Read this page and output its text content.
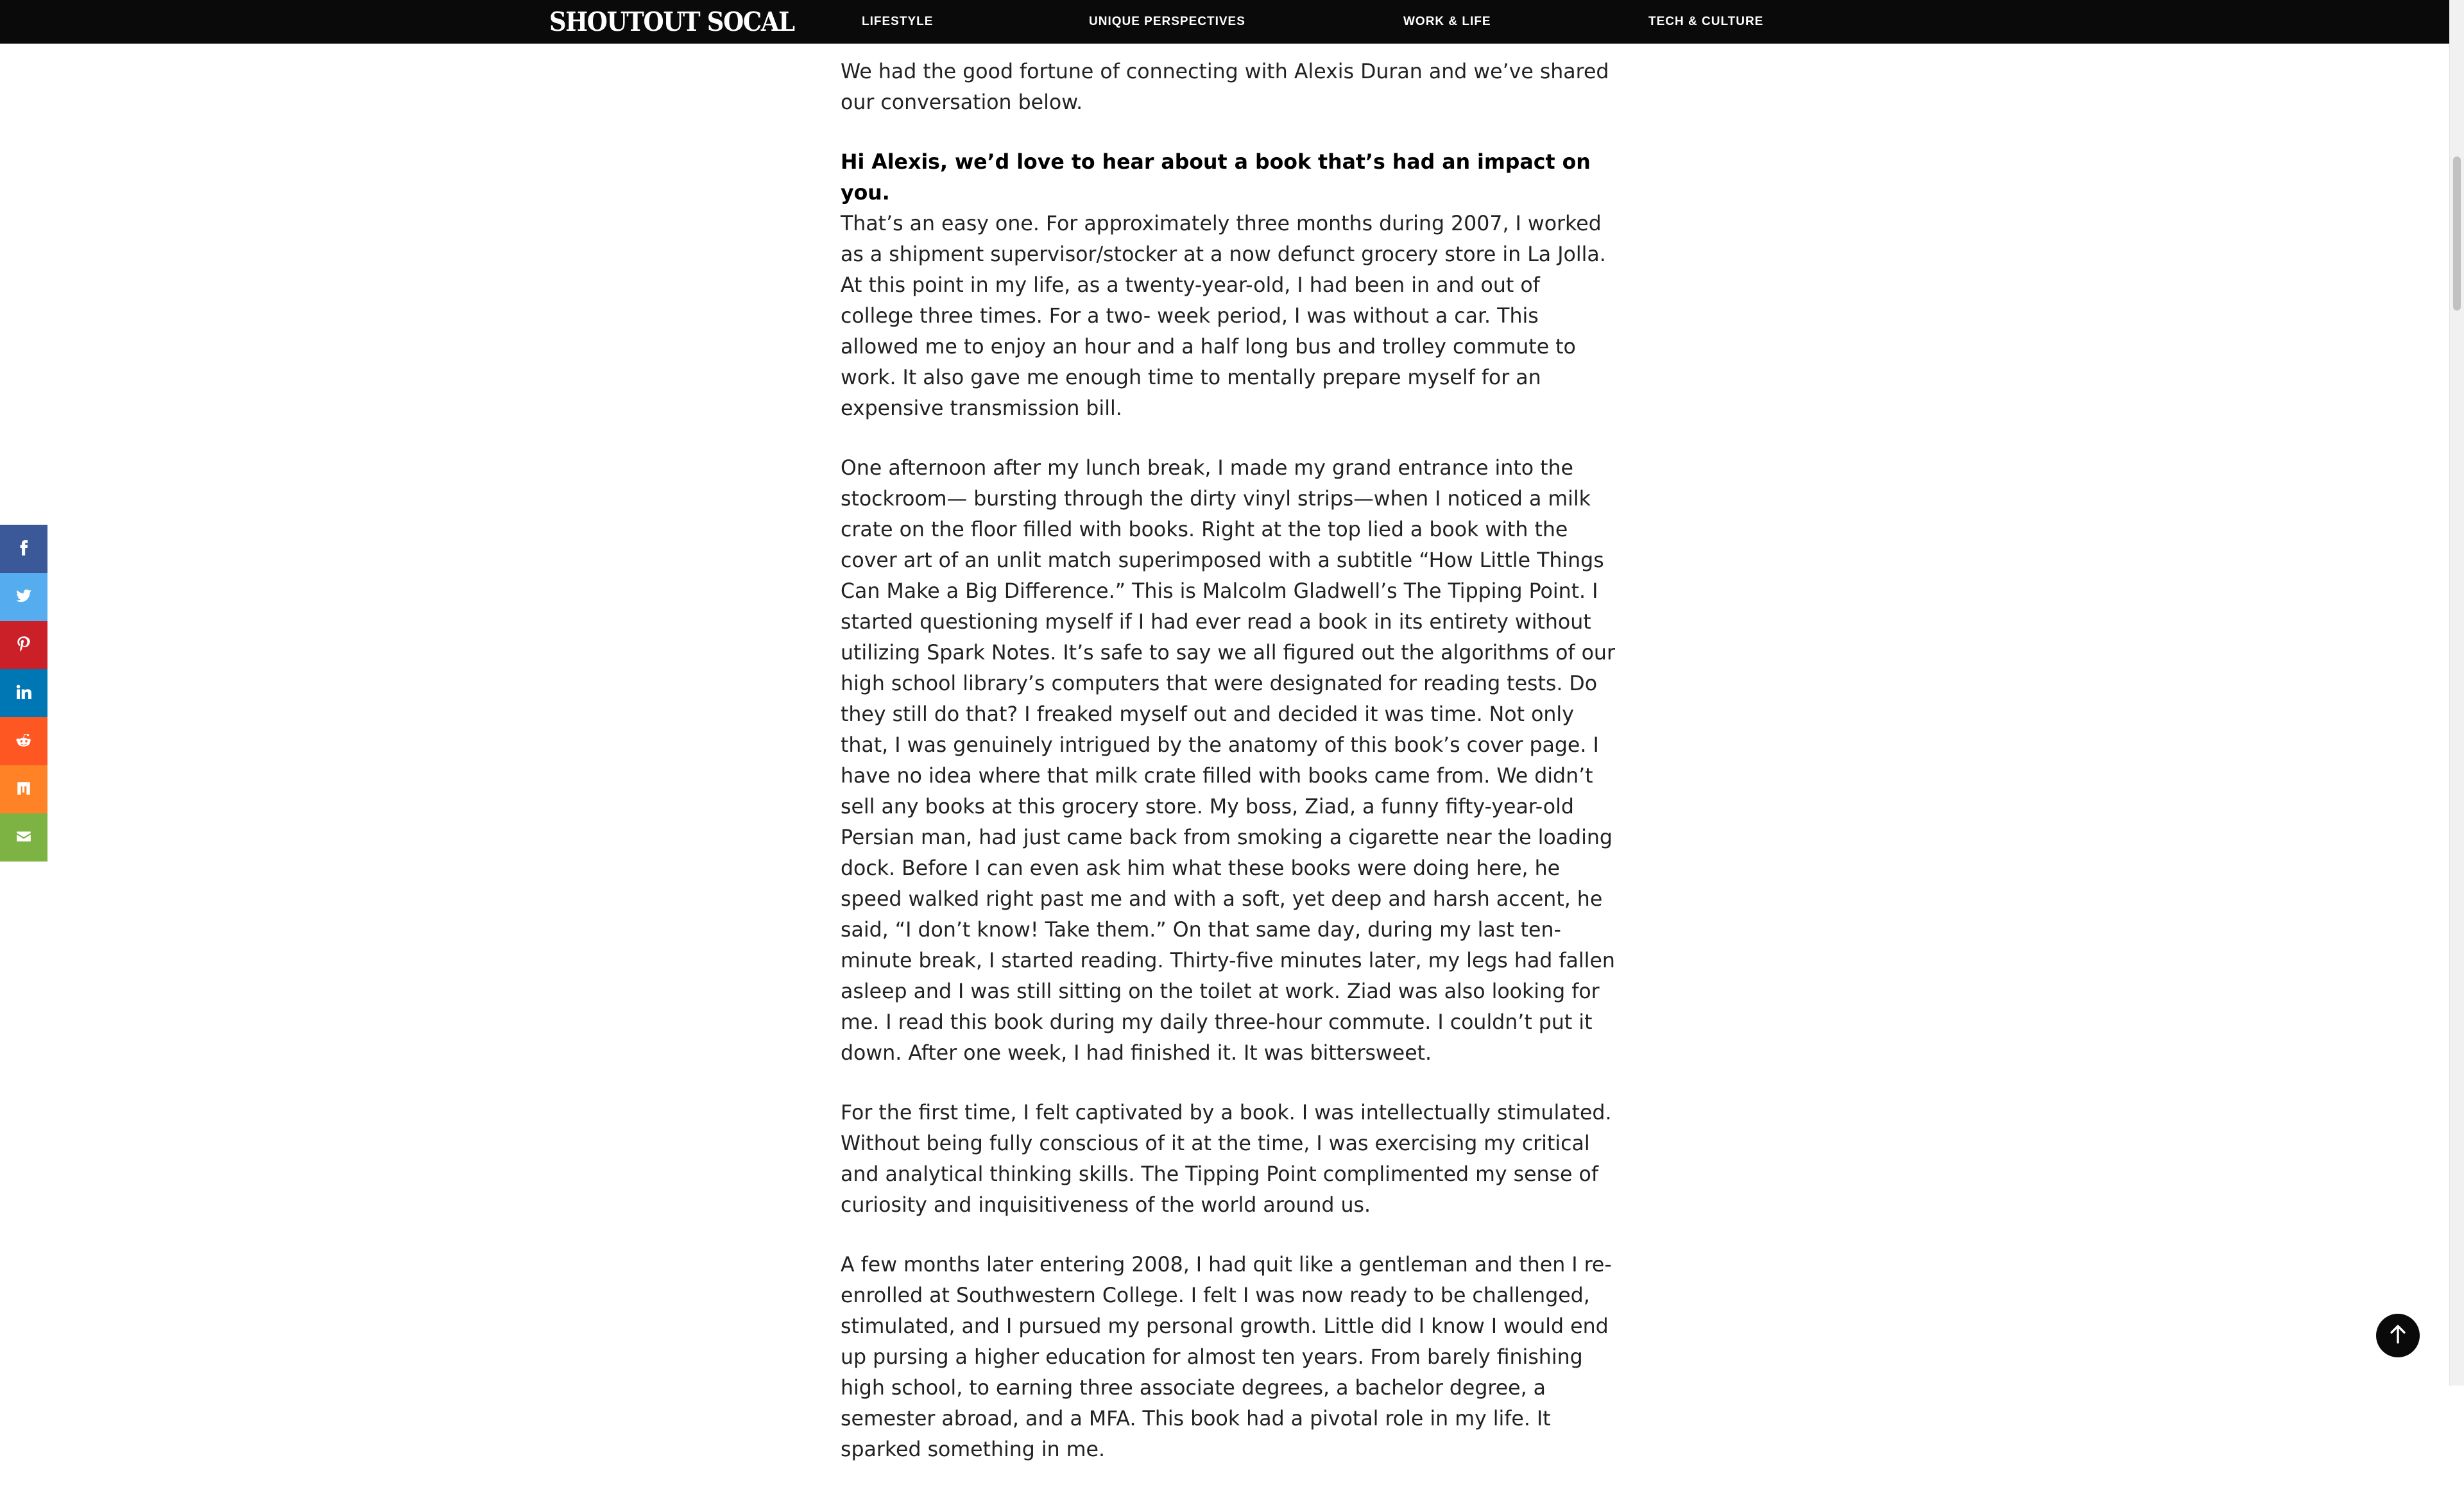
SHOUTOUT SOCAL	LIFESTYLE	UNIQUE PERSPECTIVES	WORK & LIFE	TECH & CULTURE

We had the good fortune of connecting with Alexis Duran and we’ve shared our conversation below.

Hi Alexis, we’d love to hear about a book that’s had an impact on you.

That’s an easy one. For approximately three months during 2007, I worked as a shipment supervisor/stocker at a now defunct grocery store in La Jolla. At this point in my life, as a twenty-year-old, I had been in and out of college three times. For a two- week period, I was without a car. This allowed me to enjoy an hour and a half long bus and trolley commute to work. It also gave me enough time to mentally prepare myself for an expensive transmission bill.

One afternoon after my lunch break, I made my grand entrance into the stockroom— bursting through the dirty vinyl strips—when I noticed a milk crate on the floor filled with books. Right at the top lied a book with the cover art of an unlit match superimposed with a subtitle “How Little Things Can Make a Big Difference.” This is Malcolm Gladwell’s The Tipping Point. I started questioning myself if I had ever read a book in its entirety without utilizing Spark Notes. It’s safe to say we all figured out the algorithms of our high school library’s computers that were designated for reading tests. Do they still do that? I freaked myself out and decided it was time. Not only that, I was genuinely intrigued by the anatomy of this book’s cover page. I have no idea where that milk crate filled with books came from. We didn’t sell any books at this grocery store. My boss, Ziad, a funny fifty-year-old Persian man, had just came back from smoking a cigarette near the loading dock. Before I can even ask him what these books were doing here, he speed walked right past me and with a soft, yet deep and harsh accent, he said, “I don’t know! Take them.” On that same day, during my last ten-minute break, I started reading. Thirty-five minutes later, my legs had fallen asleep and I was still sitting on the toilet at work. Ziad was also looking for me. I read this book during my daily three-hour commute. I couldn’t put it down. After one week, I had finished it. It was bittersweet.

For the first time, I felt captivated by a book. I was intellectually stimulated. Without being fully conscious of it at the time, I was exercising my critical and analytical thinking skills. The Tipping Point complimented my sense of curiosity and inquisitiveness of the world around us.

A few months later entering 2008, I had quit like a gentleman and then I re-enrolled at Southwestern College. I felt I was now ready to be challenged, stimulated, and I pursued my personal growth. Little did I know I would end up pursing a higher education for almost ten years. From barely finishing high school, to earning three associate degrees, a bachelor degree, a semester abroad, and a MFA. This book had a pivotal role in my life. It sparked something in me.
